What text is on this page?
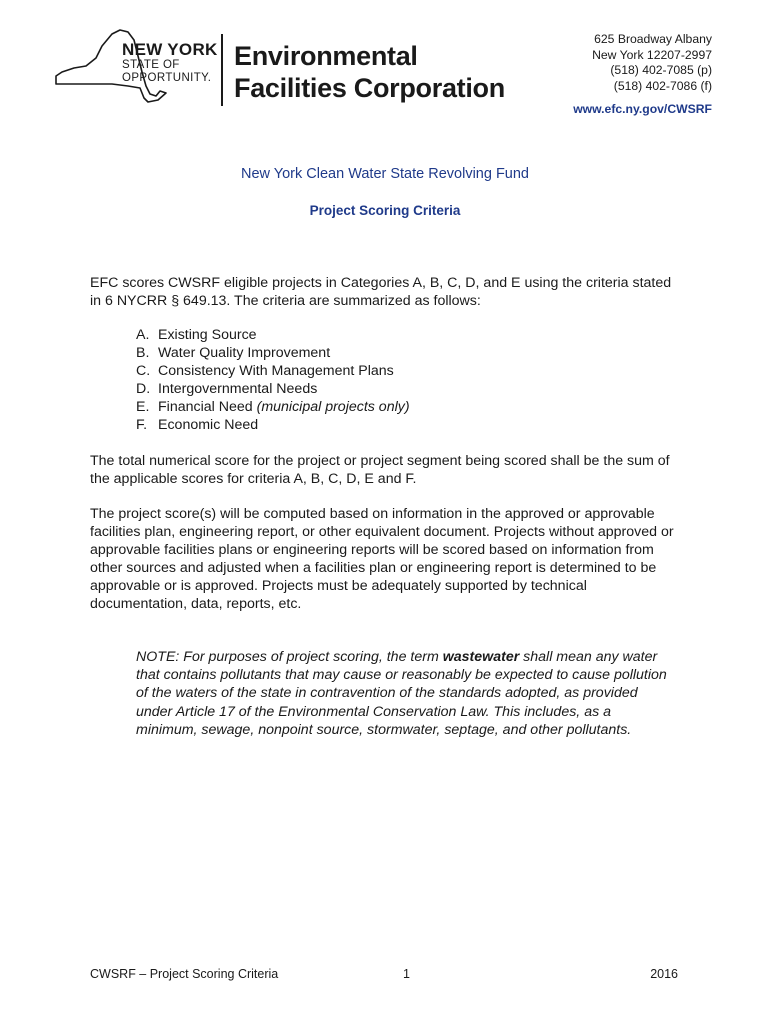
NEW YORK
STATE OF
OPPORTUNITY.
Environmental
Facilities Corporation
625 Broadway Albany
New York 12207-2997
(518) 402-7085 (p)
(518) 402-7086 (f)
www.efc.ny.gov/CWSRF
New York Clean Water State Revolving Fund
Project Scoring Criteria
EFC scores CWSRF eligible projects in Categories A, B, C, D, and E using the criteria stated in 6 NYCRR § 649.13. The criteria are summarized as follows:
A. Existing Source
B. Water Quality Improvement
C. Consistency With Management Plans
D. Intergovernmental Needs
E. Financial Need (municipal projects only)
F. Economic Need
The total numerical score for the project or project segment being scored shall be the sum of the applicable scores for criteria A, B, C, D, E and F.
The project score(s) will be computed based on information in the approved or approvable facilities plan, engineering report, or other equivalent document. Projects without approved or approvable facilities plans or engineering reports will be scored based on information from other sources and adjusted when a facilities plan or engineering report is determined to be approvable or is approved. Projects must be adequately supported by technical documentation, data, reports, etc.
NOTE: For purposes of project scoring, the term wastewater shall mean any water that contains pollutants that may cause or reasonably be expected to cause pollution of the waters of the state in contravention of the standards adopted, as provided under Article 17 of the Environmental Conservation Law. This includes, as a minimum, sewage, nonpoint source, stormwater, septage, and other pollutants.
CWSRF – Project Scoring Criteria	1	2016
